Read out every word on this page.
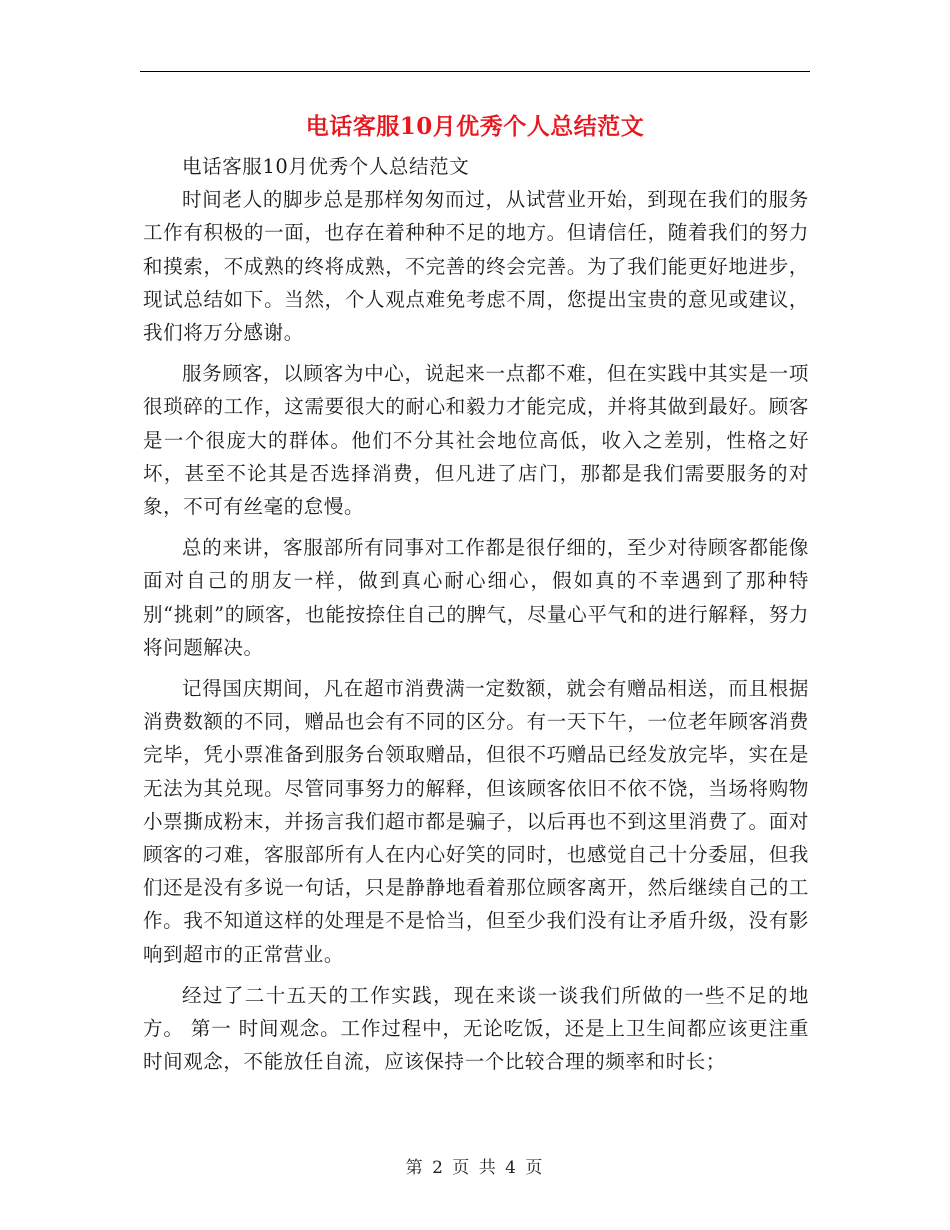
电话客服10月优秀个人总结范文

电话客服10月优秀个人总结范文

时间老人的脚步总是那样匆匆而过，从试营业开始，到现在我们的服务工作有积极的一面，也存在着种种不足的地方。但请信任，随着我们的努力和摸索，不成熟的终将成熟，不完善的终会完善。为了我们能更好地进步，现试总结如下。当然，个人观点难免考虑不周，您提出宝贵的意见或建议，我们将万分感谢。

服务顾客，以顾客为中心，说起来一点都不难，但在实践中其实是一项很琐碎的工作，这需要很大的耐心和毅力才能完成，并将其做到最好。顾客是一个很庞大的群体。他们不分其社会地位高低，收入之差别，性格之好坏，甚至不论其是否选择消费，但凡进了店门，那都是我们需要服务的对象，不可有丝毫的怠慢。

总的来讲，客服部所有同事对工作都是很仔细的，至少对待顾客都能像面对自己的朋友一样，做到真心耐心细心，假如真的不幸遇到了那种特别“挑刺”的顾客，也能按捺住自己的脾气，尽量心平气和的进行解释，努力将问题解决。

记得国庆期间，凡在超市消费满一定数额，就会有赠品相送，而且根据消费数额的不同，赠品也会有不同的区分。有一天下午，一位老年顾客消费完毕，凭小票准备到服务台领取赠品，但很不巧赠品已经发放完毕，实在是无法为其兑现。尽管同事努力的解释，但该顾客依旧不依不饶，当场将购物小票撕成粉末，并扬言我们超市都是骗子，以后再也不到这里消费了。面对顾客的刁难，客服部所有人在内心好笑的同时，也感觉自己十分委屈，但我们还是没有多说一句话，只是静静地看着那位顾客离开，然后继续自己的工作。我不知道这样的处理是不是恰当，但至少我们没有让矛盾升级，没有影响到超市的正常营业。

经过了二十五天的工作实践，现在来谈一谈我们所做的一些不足的地方。 第一 时间观念。工作过程中，无论吃饭，还是上卫生间都应该更注重时间观念，不能放任自流，应该保持一个比较合理的频率和时长；

第 2 页 共 4 页
